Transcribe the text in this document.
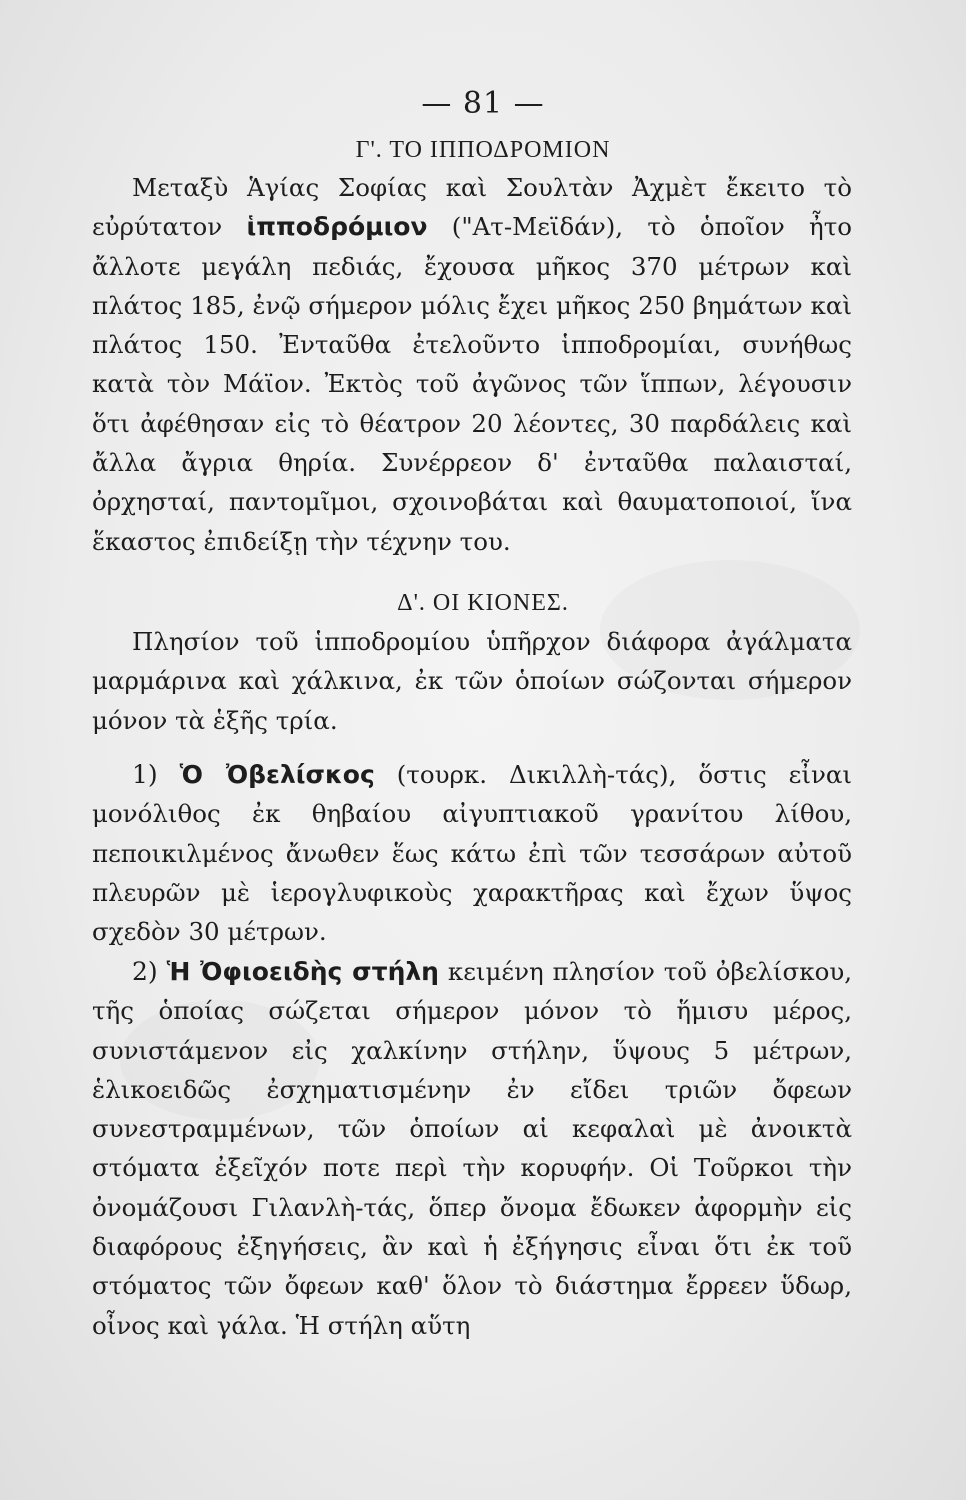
— 81 —
Γ'. ΤΟ ΙΠΠΟΔΡΟΜΙΟΝ
Μεταξὺ Ἁγίας Σοφίας καὶ Σουλτὰν Ἀχμὲτ ἔκειτο τὸ εὐρύτατον ἱπποδρόμιον ("Ατ-Μεϊδάν), τὸ ὁποῖον ἦτο ἄλλοτε μεγάλη πεδιάς, ἔχουσα μῆκος 370 μέτρων καὶ πλάτος 185, ἐνῷ σήμερον μόλις ἔχει μῆκος 250 βημάτων καὶ πλάτος 150. Ἐνταῦθα ἐτελοῦντο ἱπποδρομίαι, συνήθως κατὰ τὸν Μάϊον. Ἐκτὸς τοῦ ἀγῶνος τῶν ἵππων, λέγουσιν ὅτι ἀφέθησαν εἰς τὸ θέατρον 20 λέοντες, 30 παρδάλεις καὶ ἄλλα ἄγρια θηρία. Συνέρρεον δ' ἐνταῦθα παλαισταί, ὀρχησταί, παντομῖμοι, σχοινοβάται καὶ θαυματοποιοί, ἵνα ἕκαστος ἐπιδείξῃ τὴν τέχνην του.
Δ'. ΟΙ ΚΙΟΝΕΣ.
Πλησίον τοῦ ἱπποδρομίου ὑπῆρχον διάφορα ἀγάλματα μαρμάρινα καὶ χάλκινα, ἐκ τῶν ὁποίων σώζονται σήμερον μόνον τὰ ἑξῆς τρία.
1) Ὁ Ὀβελίσκος (τουρκ. Δικιλλὴ-τάς), ὅστις εἶναι μονόλιθος ἐκ θηβαίου αἰγυπτιακοῦ γρανίτου λίθου, πεποικιλμένος ἄνωθεν ἕως κάτω ἐπὶ τῶν τεσσάρων αὐτοῦ πλευρῶν μὲ ἱερογλυφικοὺς χαρακτῆρας καὶ ἔχων ὕψος σχεδὸν 30 μέτρων.
2) Ἡ Ὀφιοειδὴς στήλη κειμένη πλησίον τοῦ ὀβελίσκου, τῆς ὁποίας σώζεται σήμερον μόνον τὸ ἥμισυ μέρος, συνιστάμενον εἰς χαλκίνην στήλην, ὕψους 5 μέτρων, ἑλικοειδῶς ἐσχηματισμένην ἐν εἴδει τριῶν ὄφεων συνεστραμμένων, τῶν ὁποίων αἱ κεφαλαὶ μὲ ἀνοικτὰ στόματα ἐξεῖχόν ποτε περὶ τὴν κορυφήν. Οἱ Τοῦρκοι τὴν ὀνομάζουσι Γιλανλὴ-τάς, ὅπερ ὄνομα ἔδωκεν ἀφορμὴν εἰς διαφόρους ἐξηγήσεις, ἂν καὶ ἡ ἐξήγησις εἶναι ὅτι ἐκ τοῦ στόματος τῶν ὄφεων καθ' ὅλον τὸ διάστημα ἔρρεεν ὕδωρ, οἶνος καὶ γάλα. Ἡ στήλη αὕτη
